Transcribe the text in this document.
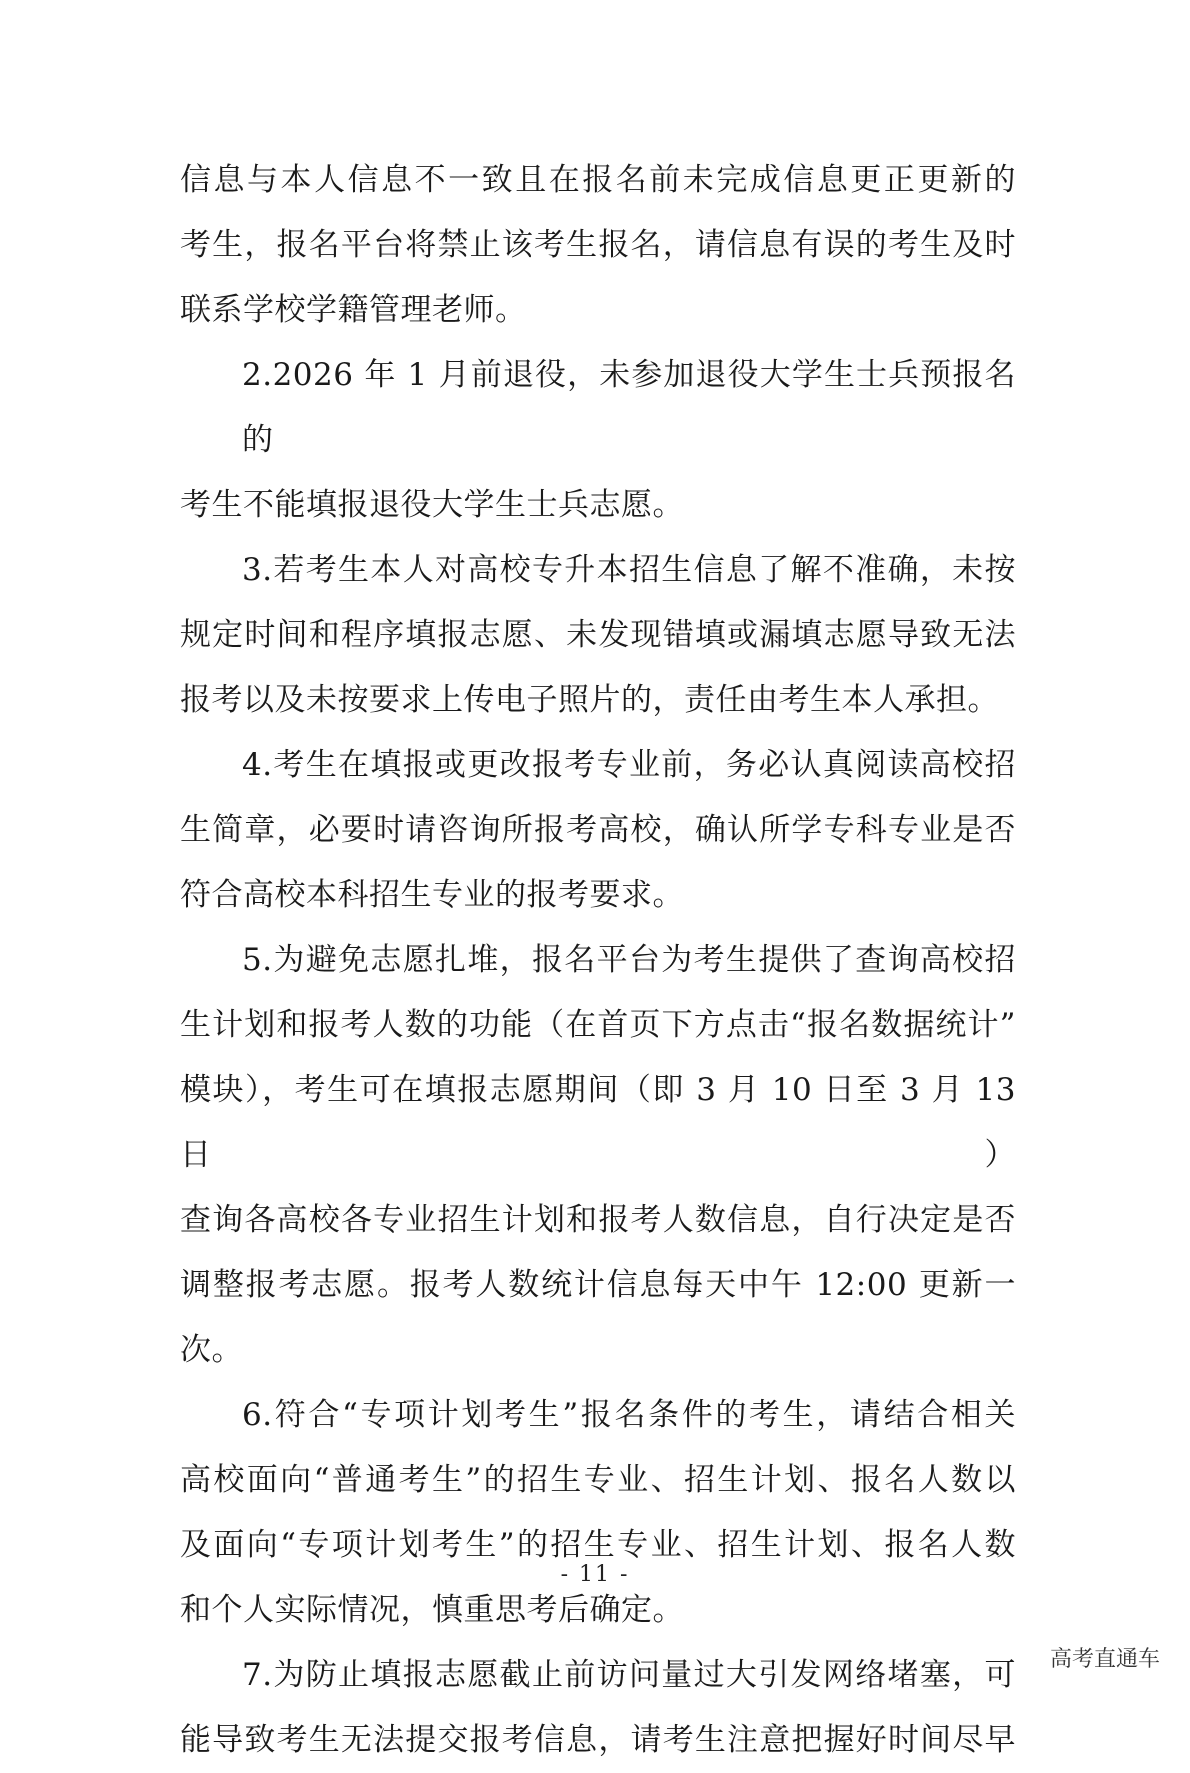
信息与本人信息不一致且在报名前未完成信息更正更新的
考生，报名平台将禁止该考生报名，请信息有误的考生及时
联系学校学籍管理老师。

2.2026 年 1 月前退役，未参加退役大学生士兵预报名的
考生不能填报退役大学生士兵志愿。

3.若考生本人对高校专升本招生信息了解不准确，未按
规定时间和程序填报志愿、未发现错填或漏填志愿导致无法
报考以及未按要求上传电子照片的，责任由考生本人承担。

4.考生在填报或更改报考专业前，务必认真阅读高校招
生简章，必要时请咨询所报考高校，确认所学专科专业是否
符合高校本科招生专业的报考要求。

5.为避免志愿扎堆，报名平台为考生提供了查询高校招
生计划和报考人数的功能（在首页下方点击“报名数据统计”
模块），考生可在填报志愿期间（即 3 月 10 日至 3 月 13 日）
查询各高校各专业招生计划和报考人数信息，自行决定是否
调整报考志愿。报考人数统计信息每天中午 12:00 更新一次。

6.符合“专项计划考生”报名条件的考生，请结合相关
高校面向“普通考生”的招生专业、招生计划、报名人数以
及面向“专项计划考生”的招生专业、招生计划、报名人数
和个人实际情况，慎重思考后确定。

7.为防止填报志愿截止前访问量过大引发网络堵塞，可
能导致考生无法提交报考信息，请考生注意把握好时间尽早

- 11 -
高考直通车
